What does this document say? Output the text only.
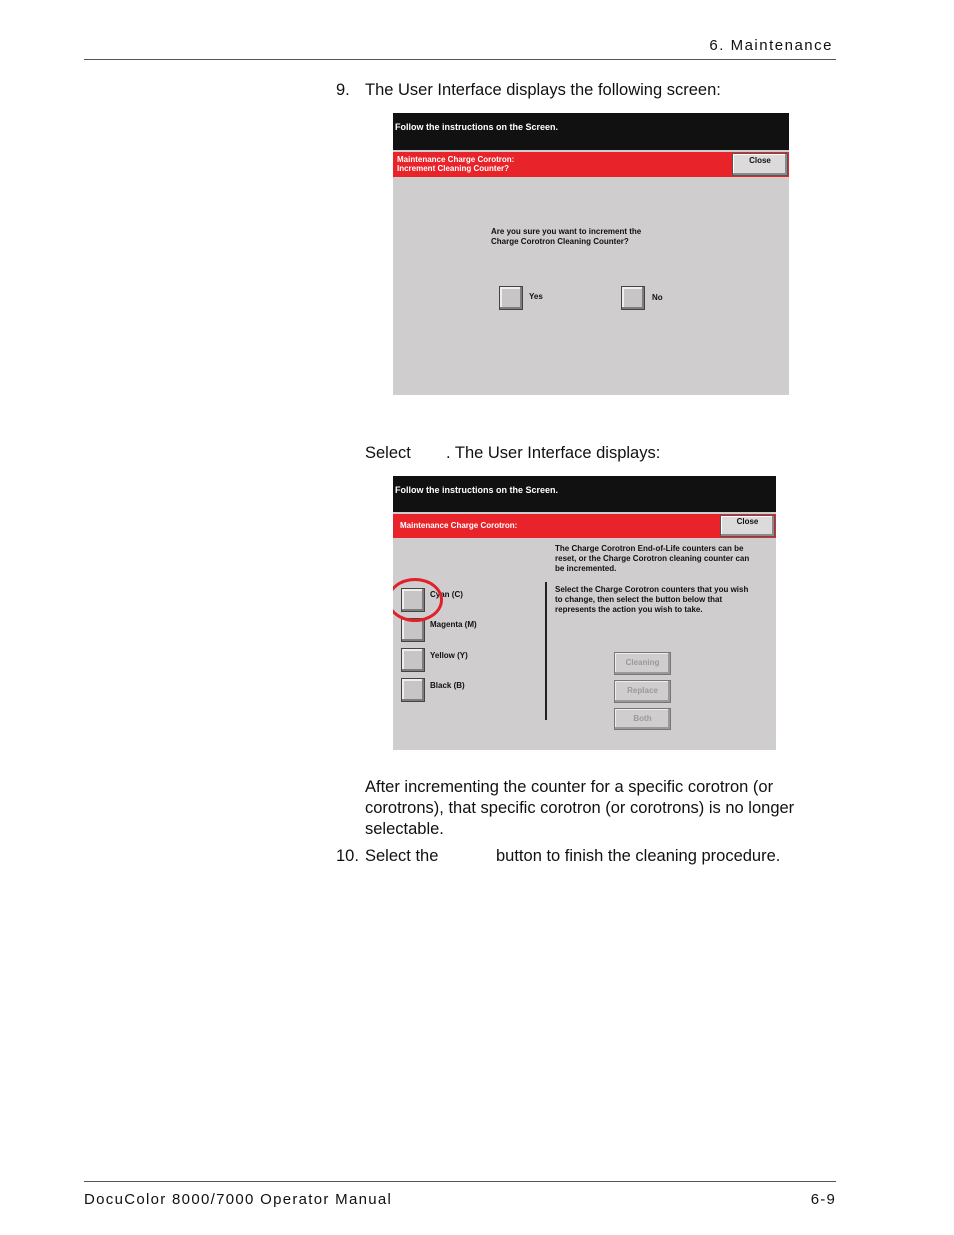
6. Maintenance
9. The User Interface displays the following screen:
Follow the instructions on the Screen.
Maintenance Charge Corotron:
Increment Cleaning Counter?
Close
Are you sure you want to increment the
Charge Corotron Cleaning Counter?
Yes	No
Select . The User Interface displays:
Follow the instructions on the Screen.
Maintenance Charge Corotron:	Close
Cyan (C)
Magenta (M)
Yellow (Y)
Black (B)
The Charge Corotron End-of-Life counters can be
reset, or the Charge Corotron cleaning counter can
be incremented.
Select the Charge Corotron counters that you wish
to change, then select the button below that
represents the action you wish to take.
Cleaning
Replace
Both
After incrementing the counter for a specific corotron (or corotrons), that specific corotron (or corotrons) is no longer selectable.
10. Select the	button to finish the cleaning procedure.
DocuColor 8000/7000 Operator Manual	6-9
